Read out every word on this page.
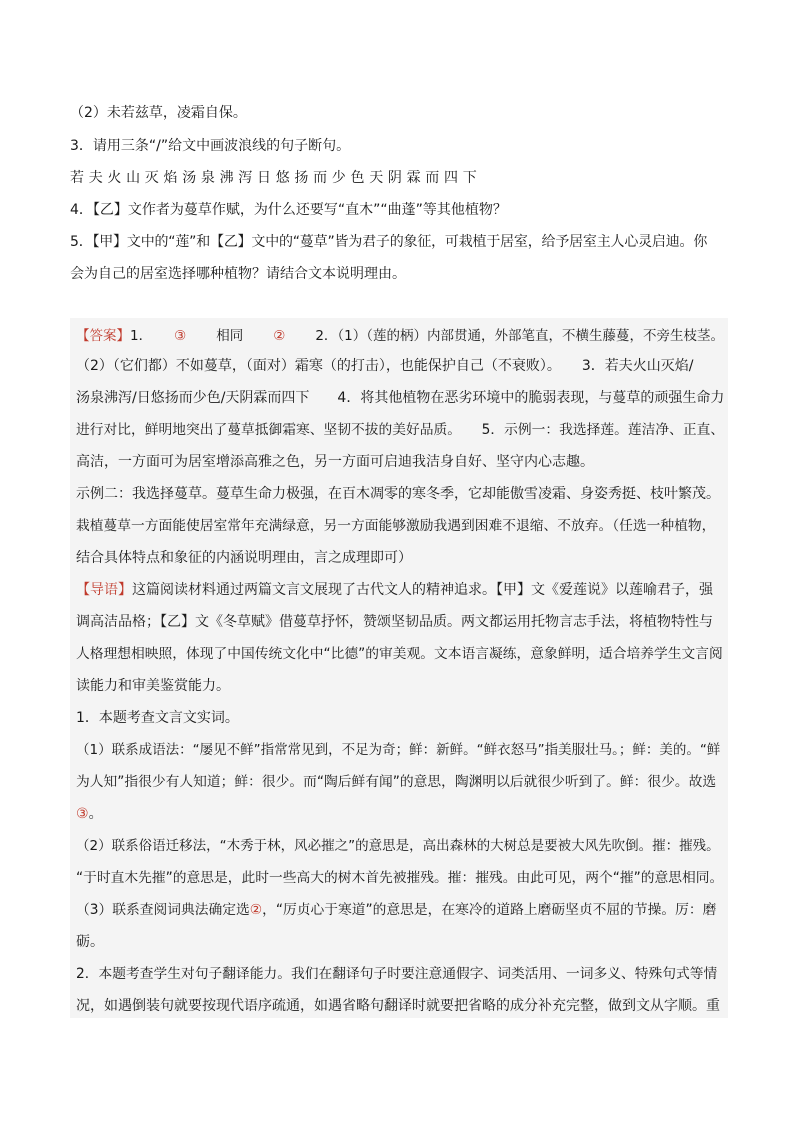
（2）未若兹草，凌霜自保。
3．请用三条“/”给文中画波浪线的句子断句。
若夫火山灭焰汤泉沸泻日悠扬而少色天阴霖而四下
4．【乙】文作者为蔓草作赋，为什么还要写“直木”“曲蓬”等其他植物？
5．【甲】文中的“莲”和【乙】文中的“蔓草”皆为君子的象征，可栽植于居室，给予居室主人心灵启迪。你
会为自己的居室选择哪种植物？请结合文本说明理由。
【答案】1． ③ 相同 ② 2．（1）（莲的柄）内部贯通，外部笔直，不横生藤蔓，不旁生枝茎。
（2）（它们都）不如蔓草，（面对）霜寒（的打击），也能保护自己（不衰败）。　　3．若夫火山灭焰/
汤泉沸泻/日悠扬而少色/天阴霖而四下　　4．将其他植物在恶劣环境中的脆弱表现，与蔓草的顽强生命力
进行对比，鲜明地突出了蔓草抵御霜寒、坚韧不拔的美好品质。　　5．示例一：我选择莲。莲洁净、正直、
高洁，一方面可为居室增添高雅之色，另一方面可启迪我洁身自好、坚守内心志趣。
示例二：我选择蔓草。蔓草生命力极强，在百木凋零的寒冬季，它却能傲雪凌霜、身姿秀挺、枝叶繁茂。
栽植蔓草一方面能使居室常年充满绿意，另一方面能够激励我遇到困难不退缩、不放弃。（任选一种植物，
结合具体特点和象征的内涵说明理由，言之成理即可）
【导语】这篇阅读材料通过两篇文言文展现了古代文人的精神追求。【甲】文《爱莲说》以莲喻君子，强
调高洁品格；【乙】文《冬草赋》借蔓草抒怀，赞颂坚韧品质。两文都运用托物言志手法，将植物特性与
人格理想相映照，体现了中国传统文化中“比德”的审美观。文本语言凝练，意象鲜明，适合培养学生文言阅
读能力和审美鉴赏能力。
1．本题考查文言文实词。
（1）联系成语法：“屡见不鲜”指常常见到，不足为奇；鲜：新鲜。“鲜衣怒马”指美服壮马。；鲜：美的。“鲜
为人知”指很少有人知道；鲜：很少。而“陶后鲜有闻”的意思，陶渊明以后就很少听到了。鲜：很少。故选
③。
（2）联系俗语迁移法，“木秀于林，风必摧之”的意思是，高出森林的大树总是要被大风先吹倒。摧：摧残。
“于时直木先摧”的意思是，此时一些高大的树木首先被摧残。摧：摧残。由此可见，两个“摧”的意思相同。
（3）联系查阅词典法确定选②，“厉贞心于寒道”的意思是，在寒冷的道路上磨砺坚贞不屈的节操。厉：磨
砺。
2．本题考查学生对句子翻译能力。我们在翻译句子时要注意通假字、词类活用、一词多义、特殊句式等情
况，如遇倒装句就要按现代语序疏通，如遇省略句翻译时就要把省略的成分补充完整，做到文从字顺。重
